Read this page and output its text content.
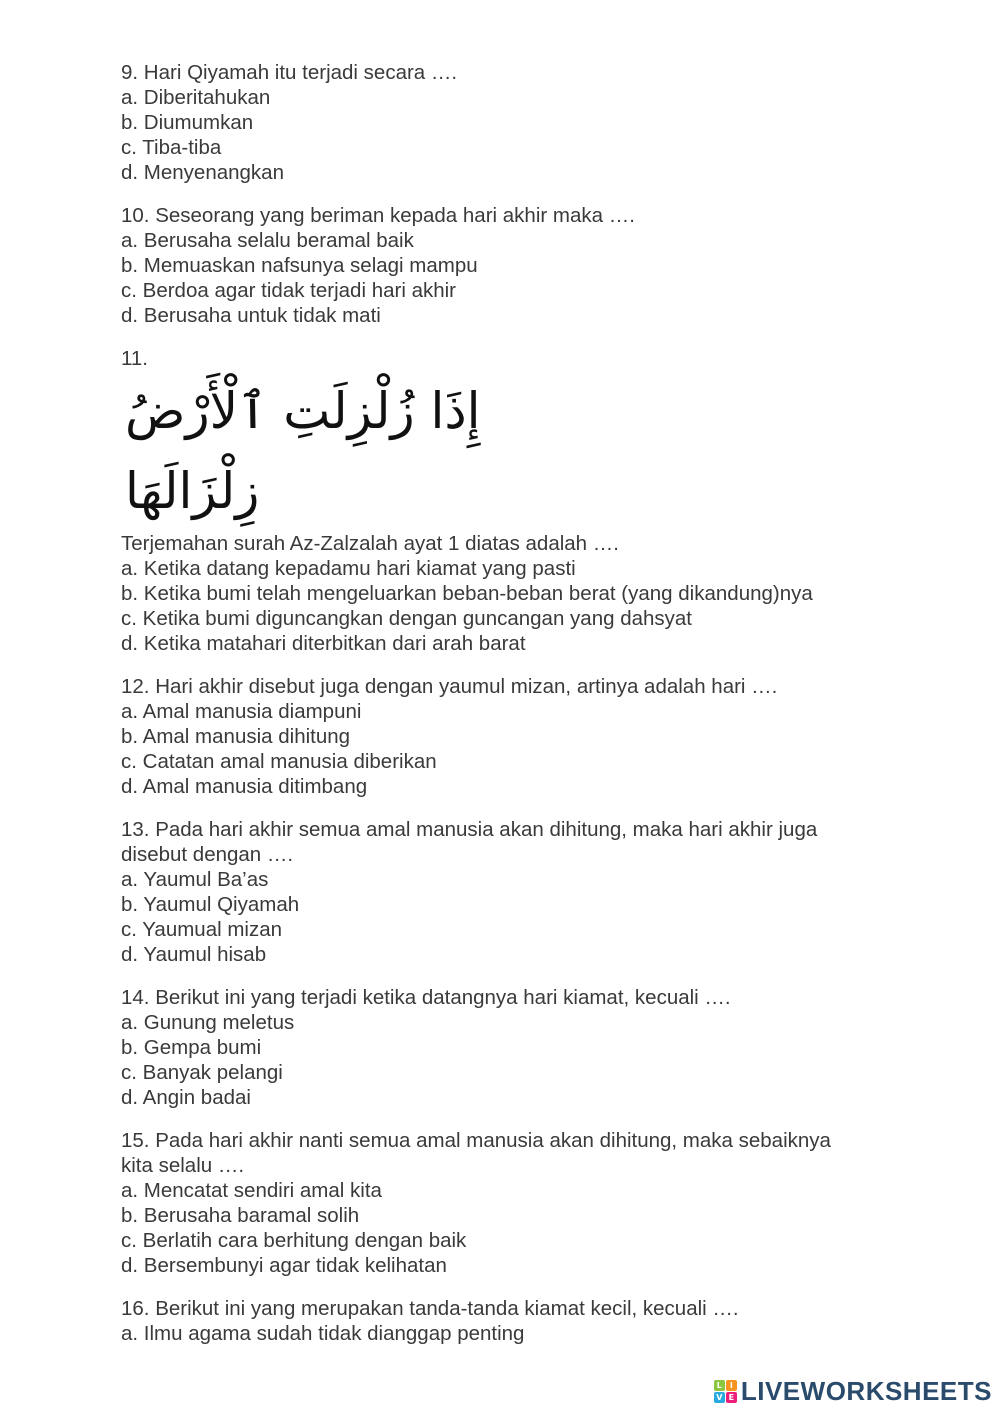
9. Hari Qiyamah itu terjadi secara ….

a. Diberitahukan
b. Diumumkan
c. Tiba-tiba
d. Menyenangkan

10. Seseorang yang beriman kepada hari akhir maka ….

a. Berusaha selalu beramal baik
b. Memuaskan nafsunya selagi mampu
c. Berdoa agar tidak terjadi hari akhir
d. Berusaha untuk tidak mati

11.

إِذَا زُلْزِلَتِ ٱلْأَرْضُ زِلْزَالَهَا

Terjemahan surah Az-Zalzalah ayat 1 diatas adalah ….

a. Ketika datang kepadamu hari kiamat yang pasti
b. Ketika bumi telah mengeluarkan beban-beban berat (yang dikandung)nya
c. Ketika bumi diguncangkan dengan guncangan yang dahsyat
d. Ketika matahari diterbitkan dari arah barat

12. Hari akhir disebut juga dengan yaumul mizan, artinya adalah hari ….

a. Amal manusia diampuni
b. Amal manusia dihitung
c. Catatan amal manusia diberikan
d. Amal manusia ditimbang

13. Pada hari akhir semua amal manusia akan dihitung, maka hari akhir juga

disebut dengan ….

a. Yaumul Ba’as
b. Yaumul Qiyamah
c. Yaumual mizan
d. Yaumul hisab

14. Berikut ini yang terjadi ketika datangnya hari kiamat, kecuali ….

a. Gunung meletus
b. Gempa bumi
c. Banyak pelangi
d. Angin badai

15. Pada hari akhir nanti semua amal manusia akan dihitung, maka sebaiknya

kita selalu ….

a. Mencatat sendiri amal kita
b. Berusaha baramal solih
c. Berlatih cara berhitung dengan baik
d. Bersembunyi agar tidak kelihatan

16. Berikut ini yang merupakan tanda-tanda kiamat kecil, kecuali ….

a. Ilmu agama sudah tidak dianggap penting
L I
V E LIVEWORKSHEETS
